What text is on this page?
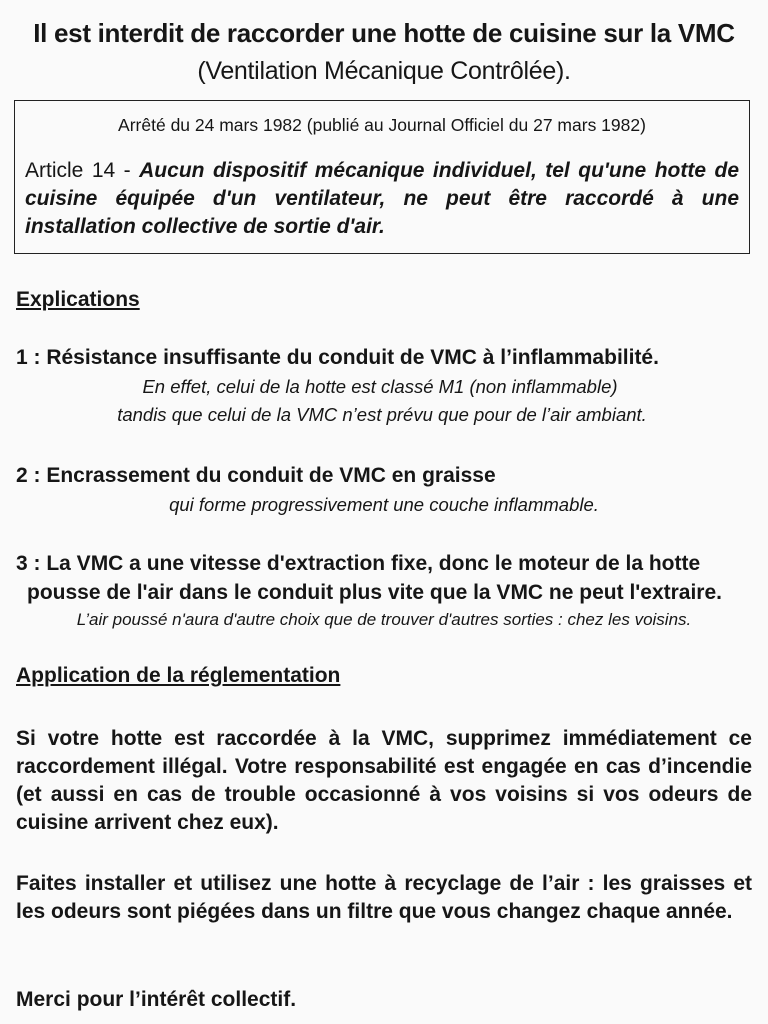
Il est interdit de raccorder une hotte de cuisine sur la VMC

(Ventilation Mécanique Contrôlée).

Arrêté du 24 mars 1982 (publié au Journal Officiel du 27 mars 1982)

Article 14 - Aucun dispositif mécanique individuel, tel qu'une hotte de cuisine équipée d'un ventilateur, ne peut être raccordé à une installation collective de sortie d'air.

Explications

1 : Résistance insuffisante du conduit de VMC à l’inflammabilité.

En effet, celui de la hotte est classé M1 (non inflammable)

tandis que celui de la VMC n’est prévu que pour de l’air ambiant.

2 : Encrassement du conduit de VMC en graisse

qui forme progressivement une couche inflammable.

3 : La VMC a une vitesse d'extraction fixe, donc le moteur de la hotte

pousse de l'air dans le conduit plus vite que la VMC ne peut l'extraire.

L’air poussé n'aura d'autre choix que de trouver d'autres sorties : chez les voisins.

Application de la réglementation

Si votre hotte est raccordée à la VMC, supprimez immédiatement ce raccordement illégal. Votre responsabilité est engagée en cas d’incendie (et aussi en cas de trouble occasionné à vos voisins si vos odeurs de cuisine arrivent chez eux).

Faites installer et utilisez une hotte à recyclage de l’air : les graisses et les odeurs sont piégées dans un filtre que vous changez chaque année.

Merci pour l’intérêt collectif.
